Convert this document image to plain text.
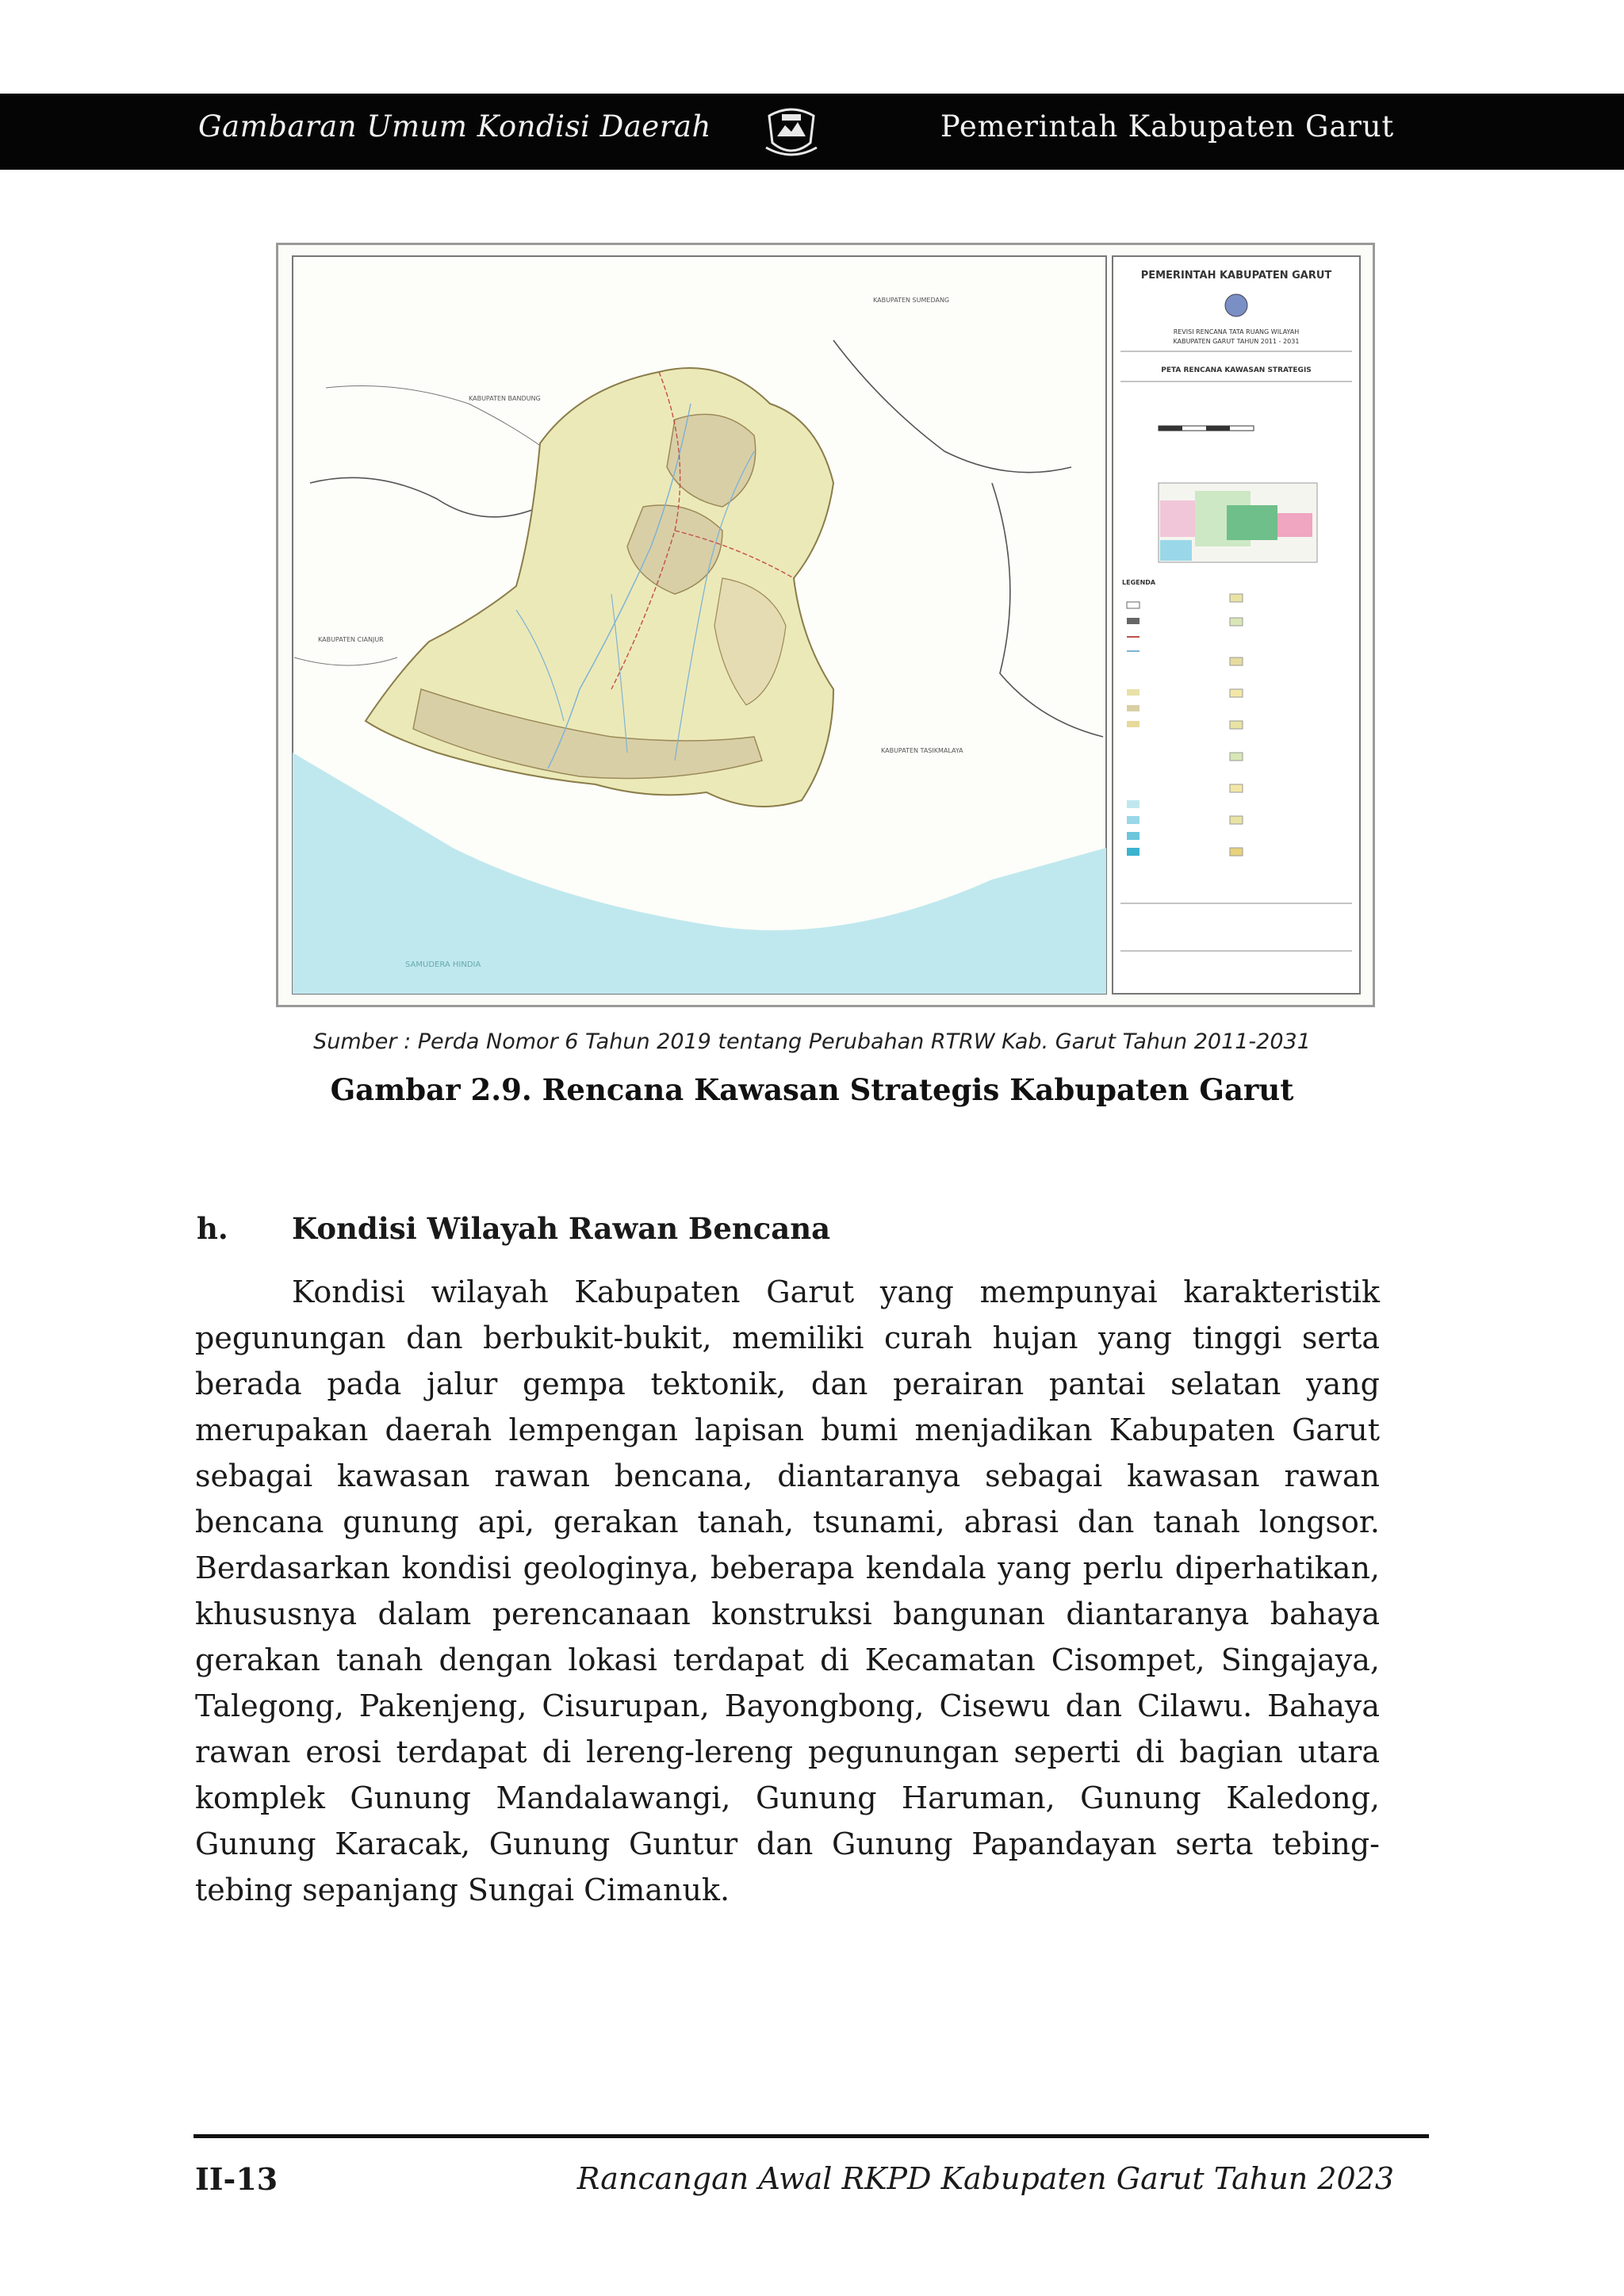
Gambaran Umum Kondisi Daerah	Pemerintah Kabupaten Garut
SAMUDERA HINDIA
KABUPATEN SUMEDANG
KABUPATEN BANDUNG
KABUPATEN CIANJUR
KABUPATEN TASIKMALAYA
PEMERINTAH KABUPATEN GARUT
REVISI RENCANA TATA RUANG WILAYAH
KABUPATEN GARUT TAHUN 2011 - 2031
PETA RENCANA KAWASAN STRATEGIS
LEGENDA
Sumber : Perda Nomor 6 Tahun 2019 tentang Perubahan RTRW Kab. Garut Tahun 2011-2031
Gambar 2.9. Rencana Kawasan Strategis Kabupaten Garut
h. Kondisi Wilayah Rawan Bencana

Kondisi wilayah Kabupaten Garut yang mempunyai karakteristik pegunungan dan berbukit-bukit, memiliki curah hujan yang tinggi serta berada pada jalur gempa tektonik, dan perairan pantai selatan yang merupakan daerah lempengan lapisan bumi menjadikan Kabupaten Garut sebagai kawasan rawan bencana, diantaranya sebagai kawasan rawan bencana gunung api, gerakan tanah, tsunami, abrasi dan tanah longsor. Berdasarkan kondisi geologinya, beberapa kendala yang perlu diperhatikan, khususnya dalam perencanaan konstruksi bangunan diantaranya bahaya gerakan tanah dengan lokasi terdapat di Kecamatan Cisompet, Singajaya, Talegong, Pakenjeng, Cisurupan, Bayongbong, Cisewu dan Cilawu. Bahaya rawan erosi terdapat di lereng-lereng pegunungan seperti di bagian utara komplek Gunung Mandalawangi, Gunung Haruman, Gunung Kaledong, Gunung Karacak, Gunung Guntur dan Gunung Papandayan serta tebing-tebing sepanjang Sungai Cimanuk.

II-13	Rancangan Awal RKPD Kabupaten Garut Tahun 2023
